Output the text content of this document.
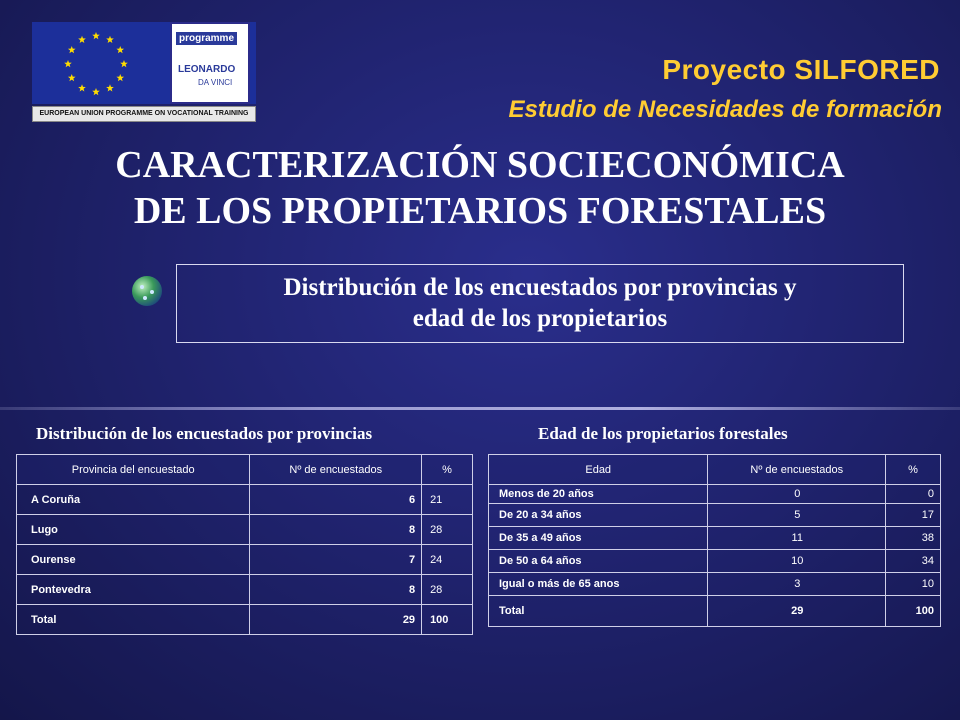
EUROPEAN UNION PROGRAMME ON VOCATIONAL TRAINING
programme
LEONARDO
DA VINCI	Proyecto SILFORED
Estudio de Necesidades de formación
CARACTERIZACIÓN SOCIECONÓMICA
DE LOS PROPIETARIOS FORESTALES
Distribución de los encuestados por provincias y
edad de los propietarios
Distribución de los encuestados por provincias	Edad de los propietarios forestales
Provincia del encuestado	Nº de encuestados	%
A Coruña	6	21
Lugo	8	28
Ourense	7	24
Pontevedra	8	28
Total	29	100
Edad	Nº de encuestados	%
Menos de 20 años	0	0
De 20 a 34 años	5	17
De 35 a 49 años	11	38
De 50 a 64 años	10	34
Igual o más de 65 anos	3	10
Total	29	100
